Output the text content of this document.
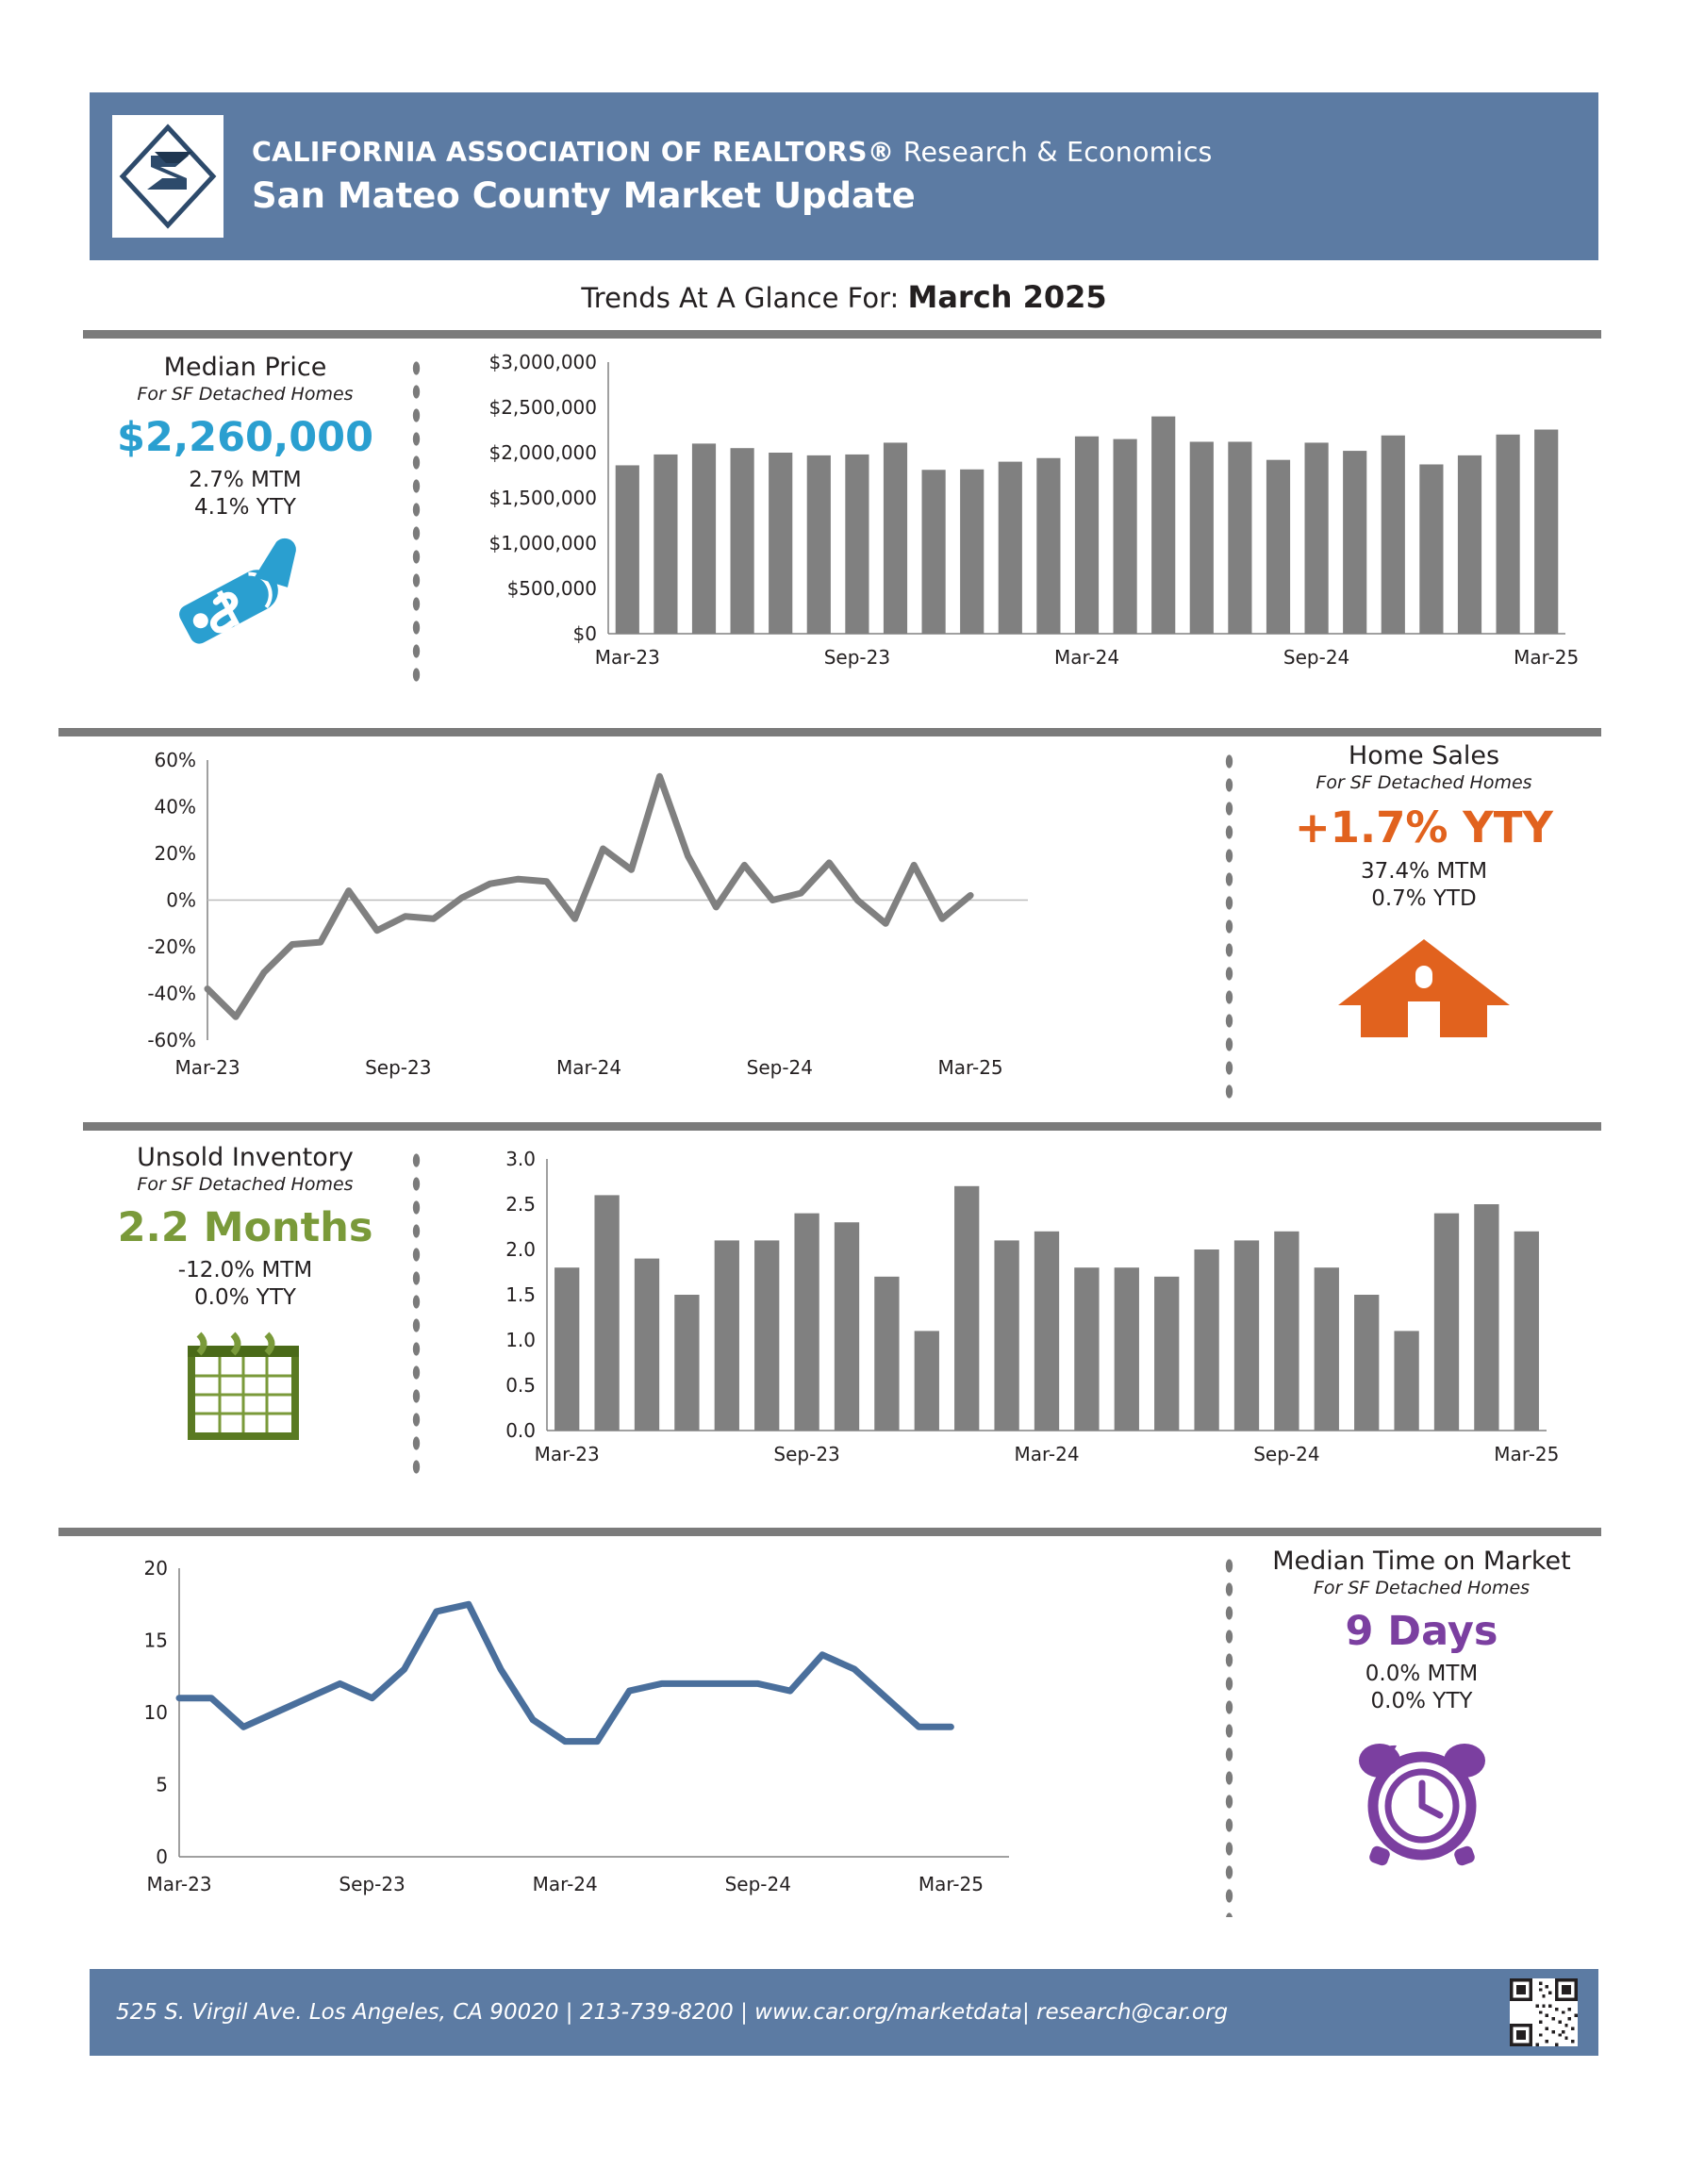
CALIFORNIA ASSOCIATION OF REALTORS® Research & Economics
San Mateo County Market Update
Trends At A Glance For: March 2025
Median Price
For SF Detached Homes
$2,260,000
2.7% MTM
4.1% YTY
$0
$500,000
$1,000,000
$1,500,000
$2,000,000
$2,500,000
$3,000,000
Mar-23	Sep-23	Mar-24	Sep-24	Mar-25
-60%
-40%
-20%
0%
20%
40%
60%
Mar-23	Sep-23	Mar-24	Sep-24	Mar-25
Home Sales
For SF Detached Homes
+1.7% YTY
37.4% MTM
0.7% YTD
Unsold Inventory
For SF Detached Homes
2.2 Months
-12.0% MTM
0.0% YTY
0.0
0.5
1.0
1.5
2.0
2.5
3.0
Mar-23	Sep-23	Mar-24	Sep-24	Mar-25
0
5
10
15
20
Mar-23	Sep-23	Mar-24	Sep-24	Mar-25
Median Time on Market
For SF Detached Homes
9 Days
0.0% MTM
0.0% YTY
525 S. Virgil Ave. Los Angeles, CA 90020 | 213-739-8200 | www.car.org/marketdata| research@car.org
